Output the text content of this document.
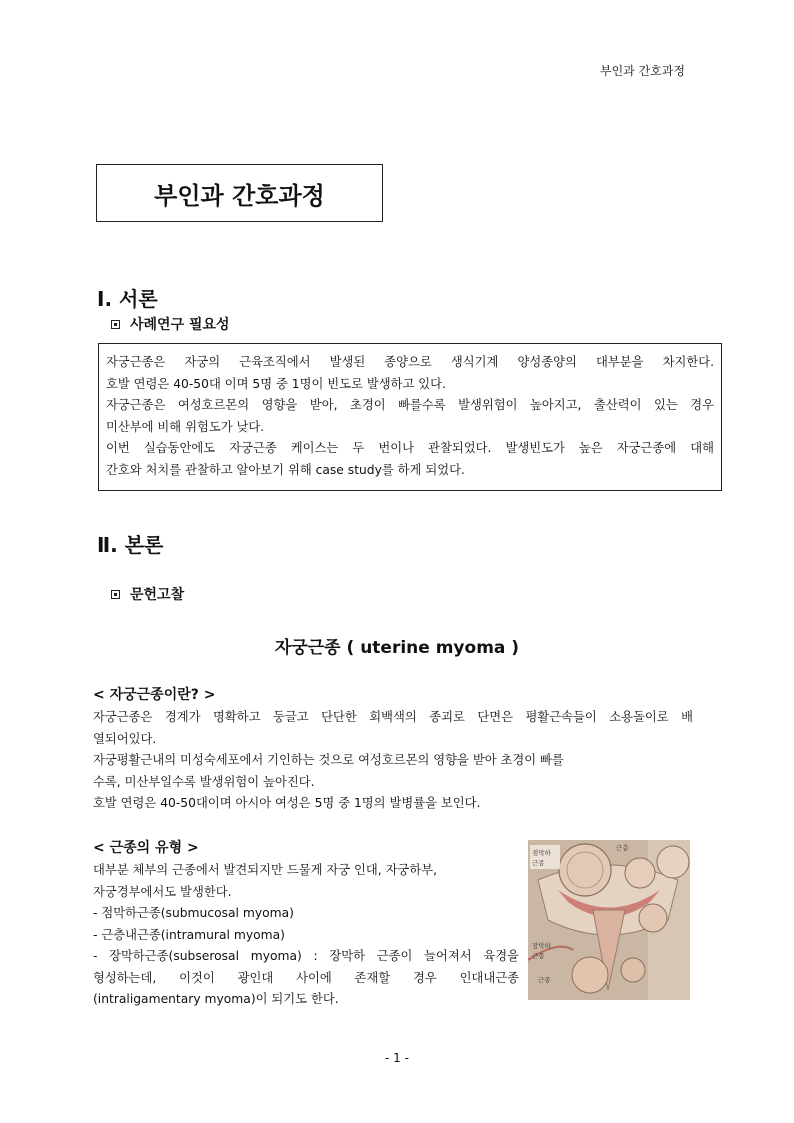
부인과 간호과정
부인과 간호과정
Ⅰ. 서론
사례연구 필요성

자궁근종은 자궁의 근육조직에서 발생된 종양으로 생식기계 양성종양의 대부분을 차지한다.

호발 연령은 40-50대 이며 5명 중 1명이 빈도로 발생하고 있다.

자궁근종은 여성호르몬의 영향을 받아, 초경이 빠를수록 발생위험이 높아지고, 출산력이 있는 경우

미산부에 비해 위험도가 낮다.

이번 실습동안에도 자궁근종 케이스는 두 번이나 관찰되었다. 발생빈도가 높은 자궁근종에 대해

간호와 처치를 관찰하고 알아보기 위해 case study를 하게 되었다.

Ⅱ. 본론
문헌고찰
자궁근종 ( uterine myoma )
< 자궁근종이란? >

자궁근종은 경계가 명확하고 둥글고 단단한 회백색의 종괴로 단면은 평활근속들이 소용돌이로 배

열되어있다.

자궁평활근내의 미성숙세포에서 기인하는 것으로 여성호르몬의 영향을 받아 초경이 빠를

수록, 미산부일수록 발생위험이 높아진다.

호발 연령은 40-50대이며 아시아 여성은 5명 중 1명의 발병률을 보인다.

< 근종의 유형 >

대부분 체부의 근종에서 발견되지만 드물게 자궁 인대, 자궁하부,

자궁경부에서도 발생한다.

- 점막하근종(submucosal myoma)

- 근층내근종(intramural myoma)

- 장막하근종(subserosal myoma) : 장막하 근종이 늘어져서 육경을

형성하는데, 이것이 광인대 사이에 존재할 경우 인대내근종

(intraligamentary myoma)이 되기도 한다.

점막하
근종
근층
장막하
근종
근종
- 1 -
